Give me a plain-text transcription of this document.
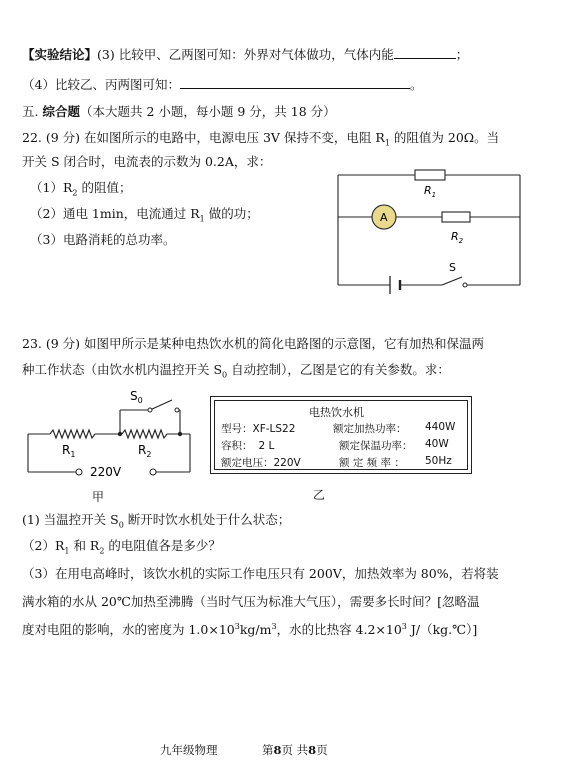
【实验结论】(3) 比较甲、乙两图可知：外界对气体做功，气体内能	；
（4）比较乙、丙两图可知：	。
五. 综合题（本大题共 2 小题，每小题 9 分，共 18 分）
22. (9 分) 在如图所示的电路中，电源电压 3V 保持不变，电阻 $R_1$ 的阻值为 20Ω。当
开关 S 闭合时，电流表的示数为 0.2A，求：
$(1)R_2$ 的阻值；
（2）通电 1min，电流通过 $R_1$ 做的功；
（3）电路消耗的总功率。
$R_1$
$R_2$
A
S
23. (9 分) 如图甲所示是某种电热饮水机的简化电路图的示意图，它有加热和保温两
种工作状态（由饮水机内温控开关 $S_0$ 自动控制），乙图是它的有关参数。求：
$S_0$
$R_1$	$R_2$
220V
甲
电热饮水机
型号：XF-LS22	额定加热功率： 440W
容积： 2 L	额定保温功率： 40W
额定电压：220V	额 定 频 率 ： 50Hz
乙
(1) 当温控开关 $S_0$ 断开时饮水机处于什么状态；
$(2)R_1$ 和 $R_2$ 的电阻值各是多少？
（3）在用电高峰时，该饮水机的实际工作电压只有 200V，加热效率为 80%，若将装
满水箱的水从 20℃加热至沸腾（当时气压为标准大气压），需要多长时间？[忽略温
度对电阻的影响，水的密度为 $1.0\times 10^3kg/m^3$，水的比热容 $4.2\times 10^3$ J/（kg.℃）]
九年级物理	第8页 共8页
